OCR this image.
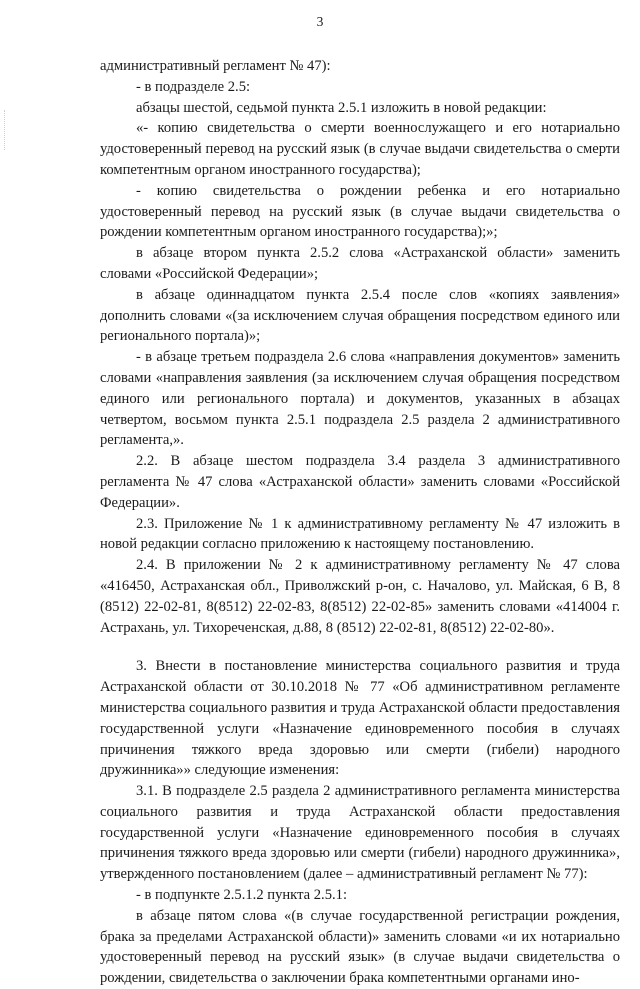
3

административный регламент № 47):

- в подразделе 2.5:

абзацы шестой, седьмой пункта 2.5.1 изложить в новой редакции:

«- копию свидетельства о смерти военнослужащего и его нотариально удостоверенный перевод на русский язык (в случае выдачи свидетельства о смерти компетентным органом иностранного государства);

- копию свидетельства о рождении ребенка и его нотариально удостоверенный перевод на русский язык (в случае выдачи свидетельства о рождении компетентным органом иностранного государства);»;

в абзаце втором пункта 2.5.2 слова «Астраханской области» заменить словами «Российской Федерации»;

в абзаце одиннадцатом пункта 2.5.4 после слов «копиях заявления» дополнить словами «(за исключением случая обращения посредством единого или регионального портала)»;

- в абзаце третьем подраздела 2.6 слова «направления документов» заменить словами «направления заявления (за исключением случая обращения посредством единого или регионального портала) и документов, указанных в абзацах четвертом, восьмом пункта 2.5.1 подраздела 2.5 раздела 2 административного регламента,».

2.2. В абзаце шестом подраздела 3.4 раздела 3 административного регламента № 47 слова «Астраханской области» заменить словами «Российской Федерации».

2.3. Приложение № 1 к административному регламенту № 47 изложить в новой редакции согласно приложению к настоящему постановлению.

2.4. В приложении № 2 к административному регламенту № 47 слова «416450, Астраханская обл., Приволжский р-он, с. Началово, ул. Майская, 6 В, 8 (8512) 22-02-81, 8(8512) 22-02-83, 8(8512) 22-02-85» заменить словами «414004 г. Астрахань, ул. Тихореченская, д.88, 8 (8512) 22-02-81, 8(8512) 22-02-80».

3. Внести в постановление министерства социального развития и труда Астраханской области от 30.10.2018 № 77 «Об административном регламенте министерства социального развития и труда Астраханской области предоставления государственной услуги «Назначение единовременного пособия в случаях причинения тяжкого вреда здоровью или смерти (гибели) народного дружинника»» следующие изменения:

3.1. В подразделе 2.5 раздела 2 административного регламента министерства социального развития и труда Астраханской области предоставления государственной услуги «Назначение единовременного пособия в случаях причинения тяжкого вреда здоровью или смерти (гибели) народного дружинника», утвержденного постановлением (далее – административный регламент № 77):

- в подпункте 2.5.1.2 пункта 2.5.1:

в абзаце пятом слова «(в случае государственной регистрации рождения, брака за пределами Астраханской области)» заменить словами «и их нотариально удостоверенный перевод на русский язык» (в случае выдачи свидетельства о рождении, свидетельства о заключении брака компетентными органами ино-
